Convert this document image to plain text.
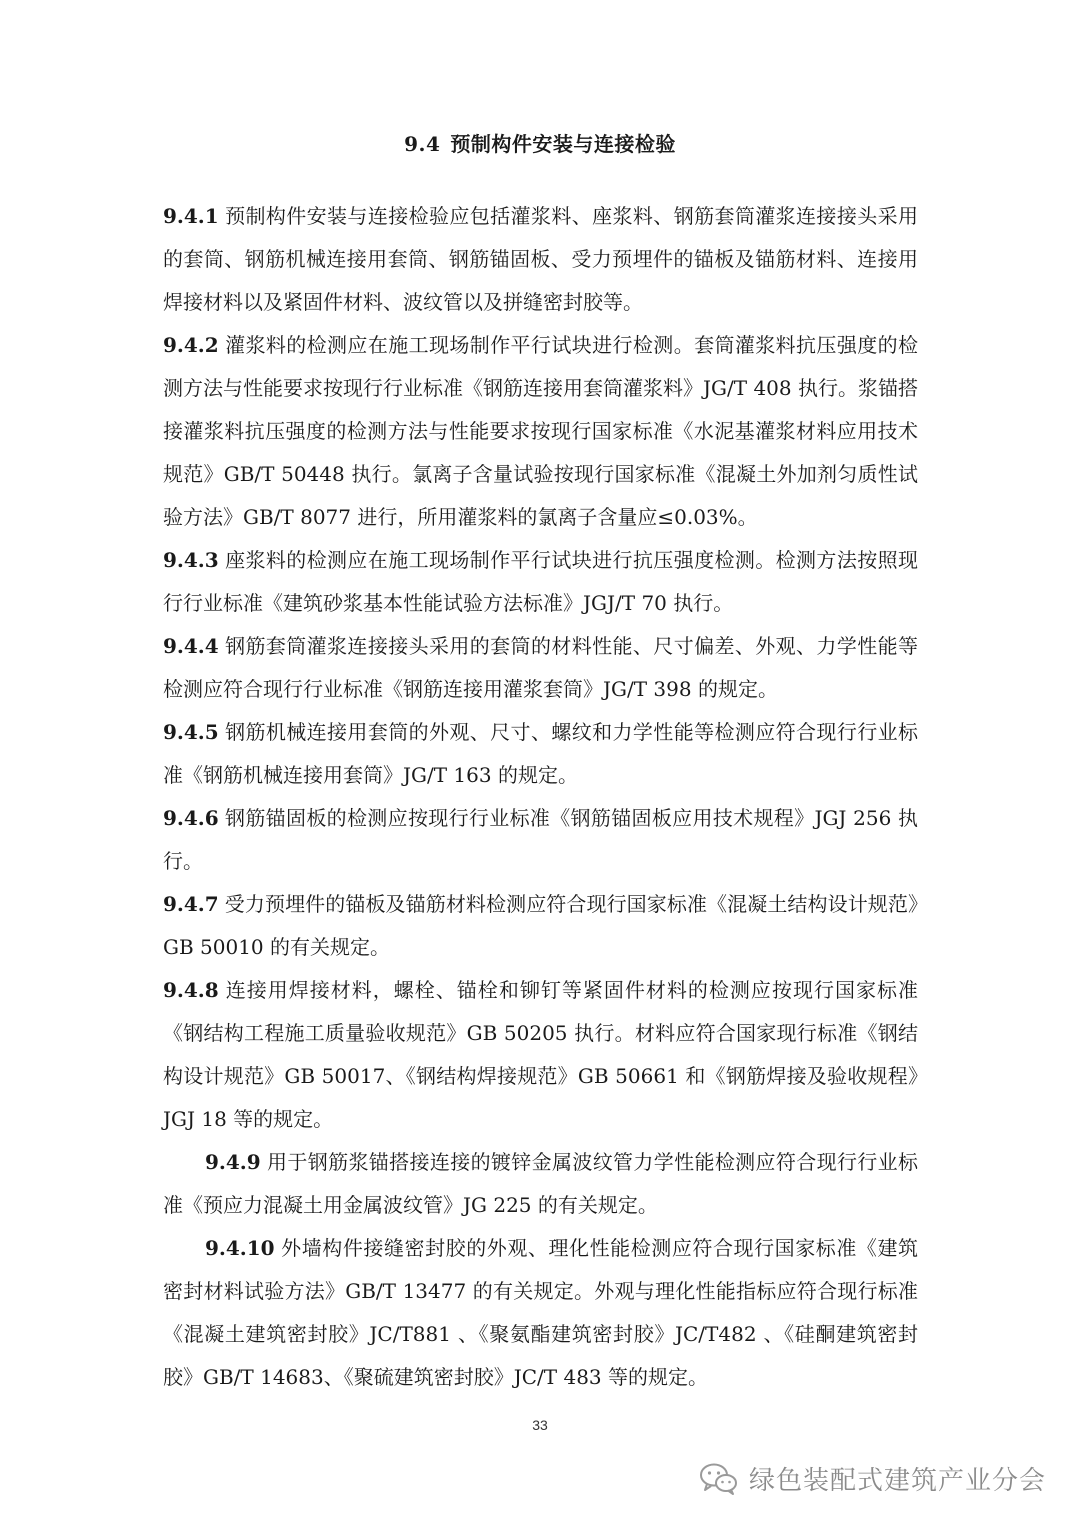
9.4 预制构件安装与连接检验

9.4.1 预制构件安装与连接检验应包括灌浆料、座浆料、钢筋套筒灌浆连接接头采用的套筒、钢筋机械连接用套筒、钢筋锚固板、受力预埋件的锚板及锚筋材料、连接用焊接材料以及紧固件材料、波纹管以及拼缝密封胶等。

9.4.2 灌浆料的检测应在施工现场制作平行试块进行检测。套筒灌浆料抗压强度的检测方法与性能要求按现行行业标准《钢筋连接用套筒灌浆料》JG/T 408 执行。浆锚搭接灌浆料抗压强度的检测方法与性能要求按现行国家标准《水泥基灌浆材料应用技术规范》GB/T 50448 执行。氯离子含量试验按现行国家标准《混凝土外加剂匀质性试验方法》GB/T 8077 进行，所用灌浆料的氯离子含量应≤0.03%。

9.4.3 座浆料的检测应在施工现场制作平行试块进行抗压强度检测。检测方法按照现行行业标准《建筑砂浆基本性能试验方法标准》JGJ/T 70 执行。

9.4.4 钢筋套筒灌浆连接接头采用的套筒的材料性能、尺寸偏差、外观、力学性能等检测应符合现行行业标准《钢筋连接用灌浆套筒》JG/T 398 的规定。

9.4.5 钢筋机械连接用套筒的外观、尺寸、螺纹和力学性能等检测应符合现行行业标准《钢筋机械连接用套筒》JG/T 163 的规定。

9.4.6 钢筋锚固板的检测应按现行行业标准《钢筋锚固板应用技术规程》JGJ 256 执行。

9.4.7 受力预埋件的锚板及锚筋材料检测应符合现行国家标准《混凝土结构设计规范》GB 50010 的有关规定。

9.4.8 连接用焊接材料，螺栓、锚栓和铆钉等紧固件材料的检测应按现行国家标准《钢结构工程施工质量验收规范》GB 50205 执行。材料应符合国家现行标准《钢结构设计规范》GB 50017、《钢结构焊接规范》GB 50661 和《钢筋焊接及验收规程》JGJ 18 等的规定。

9.4.9 用于钢筋浆锚搭接连接的镀锌金属波纹管力学性能检测应符合现行行业标准《预应力混凝土用金属波纹管》JG 225 的有关规定。

9.4.10 外墙构件接缝密封胶的外观、理化性能检测应符合现行国家标准《建筑密封材料试验方法》GB/T 13477 的有关规定。外观与理化性能指标应符合现行标准《混凝土建筑密封胶》JC/T881 、《聚氨酯建筑密封胶》JC/T482 、《硅酮建筑密封胶》GB/T 14683、《聚硫建筑密封胶》JC/T 483 等的规定。

33
绿色装配式建筑产业分会
